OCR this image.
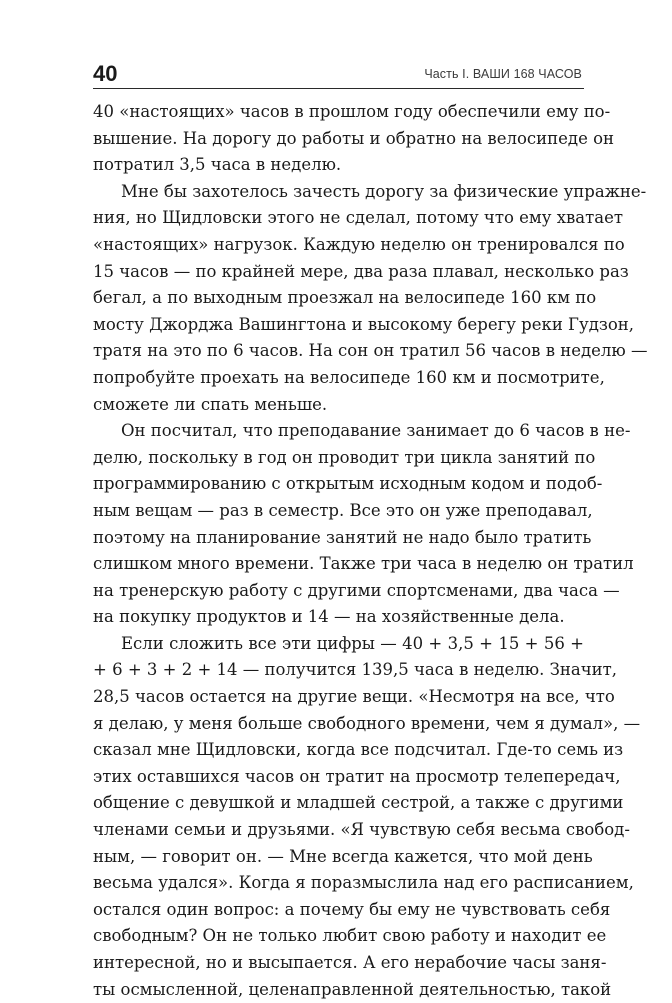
40	Часть I. ВАШИ 168 ЧАСОВ
40 «настоящих» часов в прошлом году обеспечили ему по-
вышение. На дорогу до работы и обратно на велосипеде он
потратил 3,5 часа в неделю.
Мне бы захотелось зачесть дорогу за физические упражне-
ния, но Щидловски этого не сделал, потому что ему хватает
«настоящих» нагрузок. Каждую неделю он тренировался по
15 часов — по крайней мере, два раза плавал, несколько раз
бегал, а по выходным проезжал на велосипеде 160 км по
мосту Джорджа Вашингтона и высокому берегу реки Гудзон,
тратя на это по 6 часов. На сон он тратил 56 часов в неделю —
попробуйте проехать на велосипеде 160 км и посмотрите,
сможете ли спать меньше.
Он посчитал, что преподавание занимает до 6 часов в не-
делю, поскольку в год он проводит три цикла занятий по
программированию с открытым исходным кодом и подоб-
ным вещам — раз в семестр. Все это он уже преподавал,
поэтому на планирование занятий не надо было тратить
слишком много времени. Также три часа в неделю он тратил
на тренерскую работу с другими спортсменами, два часа —
на покупку продуктов и 14 — на хозяйственные дела.
Если сложить все эти цифры — 40 + 3,5 + 15 + 56 +
+ 6 + 3 + 2 + 14 — получится 139,5 часа в неделю. Значит,
28,5 часов остается на другие вещи. «Несмотря на все, что
я делаю, у меня больше свободного времени, чем я думал», —
сказал мне Щидловски, когда все подсчитал. Где-то семь из
этих оставшихся часов он тратит на просмотр телепередач,
общение с девушкой и младшей сестрой, а также с другими
членами семьи и друзьями. «Я чувствую себя весьма свобод-
ным, — говорит он. — Мне всегда кажется, что мой день
весьма удался». Когда я поразмыслила над его расписанием,
остался один вопрос: а почему бы ему не чувствовать себя
свободным? Он не только любит свою работу и находит ее
интересной, но и высыпается. А его нерабочие часы заня-
ты осмысленной, целенаправленной деятельностью, такой
